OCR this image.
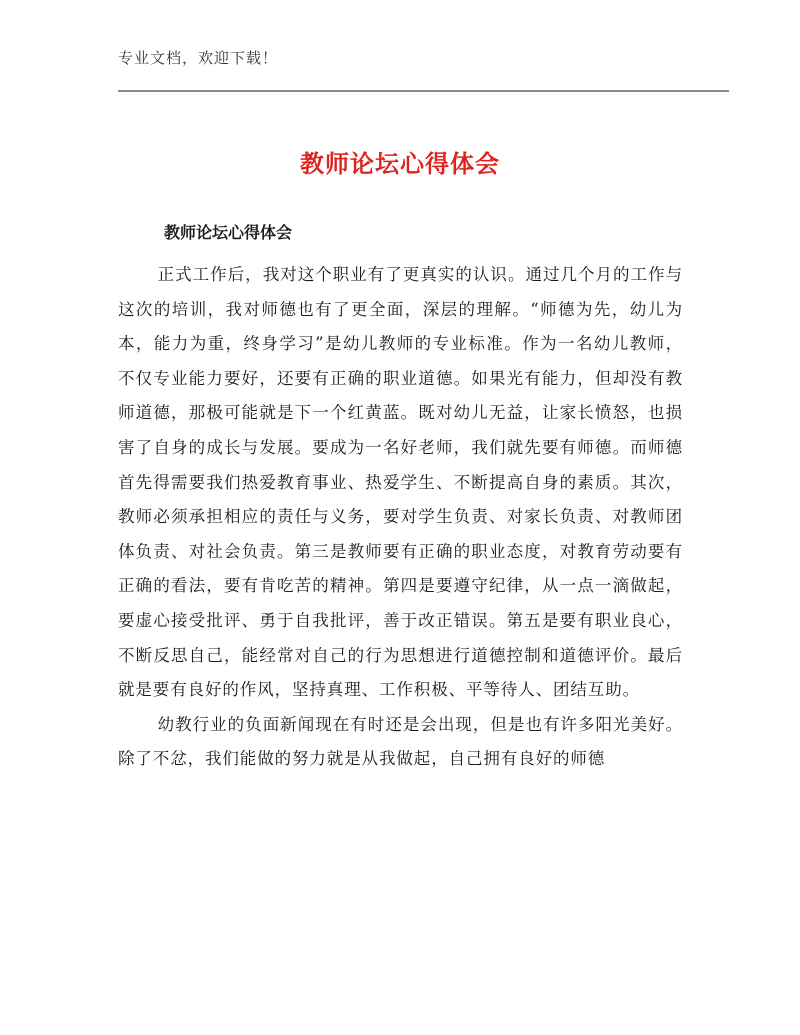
专业文档，欢迎下载！
教师论坛心得体会
教师论坛心得体会

正式工作后，我对这个职业有了更真实的认识。通过几个月的工作与这次的培训，我对师德也有了更全面，深层的理解。“师德为先，幼儿为本，能力为重，终身学习”是幼儿教师的专业标准。作为一名幼儿教师，不仅专业能力要好，还要有正确的职业道德。如果光有能力，但却没有教师道德，那极可能就是下一个红黄蓝。既对幼儿无益，让家长愤怒，也损害了自身的成长与发展。要成为一名好老师，我们就先要有师德。而师德首先得需要我们热爱教育事业、热爱学生、不断提高自身的素质。其次，教师必须承担相应的责任与义务，要对学生负责、对家长负责、对教师团体负责、对社会负责。第三是教师要有正确的职业态度，对教育劳动要有正确的看法，要有肯吃苦的精神。第四是要遵守纪律，从一点一滴做起，要虚心接受批评、勇于自我批评，善于改正错误。第五是要有职业良心，不断反思自己，能经常对自己的行为思想进行道德控制和道德评价。最后就是要有良好的作风，坚持真理、工作积极、平等待人、团结互助。

幼教行业的负面新闻现在有时还是会出现，但是也有许多阳光美好。除了不忿，我们能做的努力就是从我做起，自己拥有良好的师德
